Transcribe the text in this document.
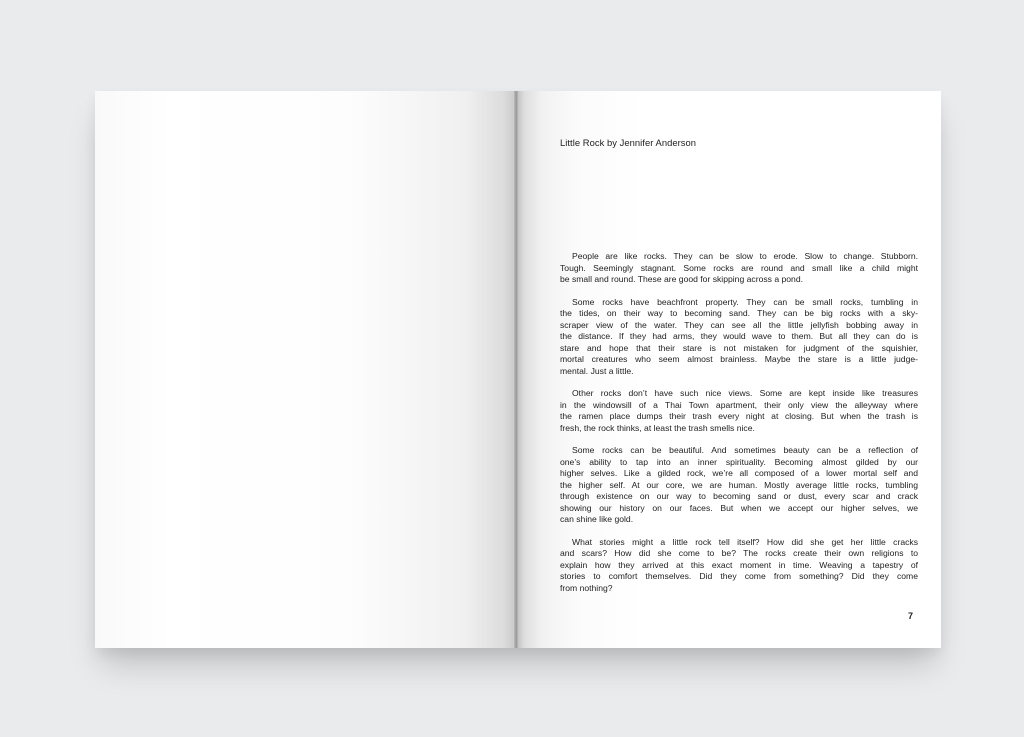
Little Rock by Jennifer Anderson

People are like rocks. They can be slow to erode. Slow to change. Stubborn.
Tough. Seemingly stagnant. Some rocks are round and small like a child might
be small and round. These are good for skipping across a pond.

Some rocks have beachfront property. They can be small rocks, tumbling in
the tides, on their way to becoming sand. They can be big rocks with a sky-
scraper view of the water. They can see all the little jellyfish bobbing away in
the distance. If they had arms, they would wave to them. But all they can do is
stare and hope that their stare is not mistaken for judgment of the squishier,
mortal creatures who seem almost brainless. Maybe the stare is a little judge-
mental. Just a little.

Other rocks don’t have such nice views. Some are kept inside like treasures
in the windowsill of a Thai Town apartment, their only view the alleyway where
the ramen place dumps their trash every night at closing. But when the trash is
fresh, the rock thinks, at least the trash smells nice.

Some rocks can be beautiful. And sometimes beauty can be a reflection of
one’s ability to tap into an inner spirituality. Becoming almost gilded by our
higher selves. Like a gilded rock, we’re all composed of a lower mortal self and
the higher self. At our core, we are human. Mostly average little rocks, tumbling
through existence on our way to becoming sand or dust, every scar and crack
showing our history on our faces. But when we accept our higher selves, we
can shine like gold.

What stories might a little rock tell itself? How did she get her little cracks
and scars? How did she come to be? The rocks create their own religions to
explain how they arrived at this exact moment in time. Weaving a tapestry of
stories to comfort themselves. Did they come from something? Did they come
from nothing?

7
